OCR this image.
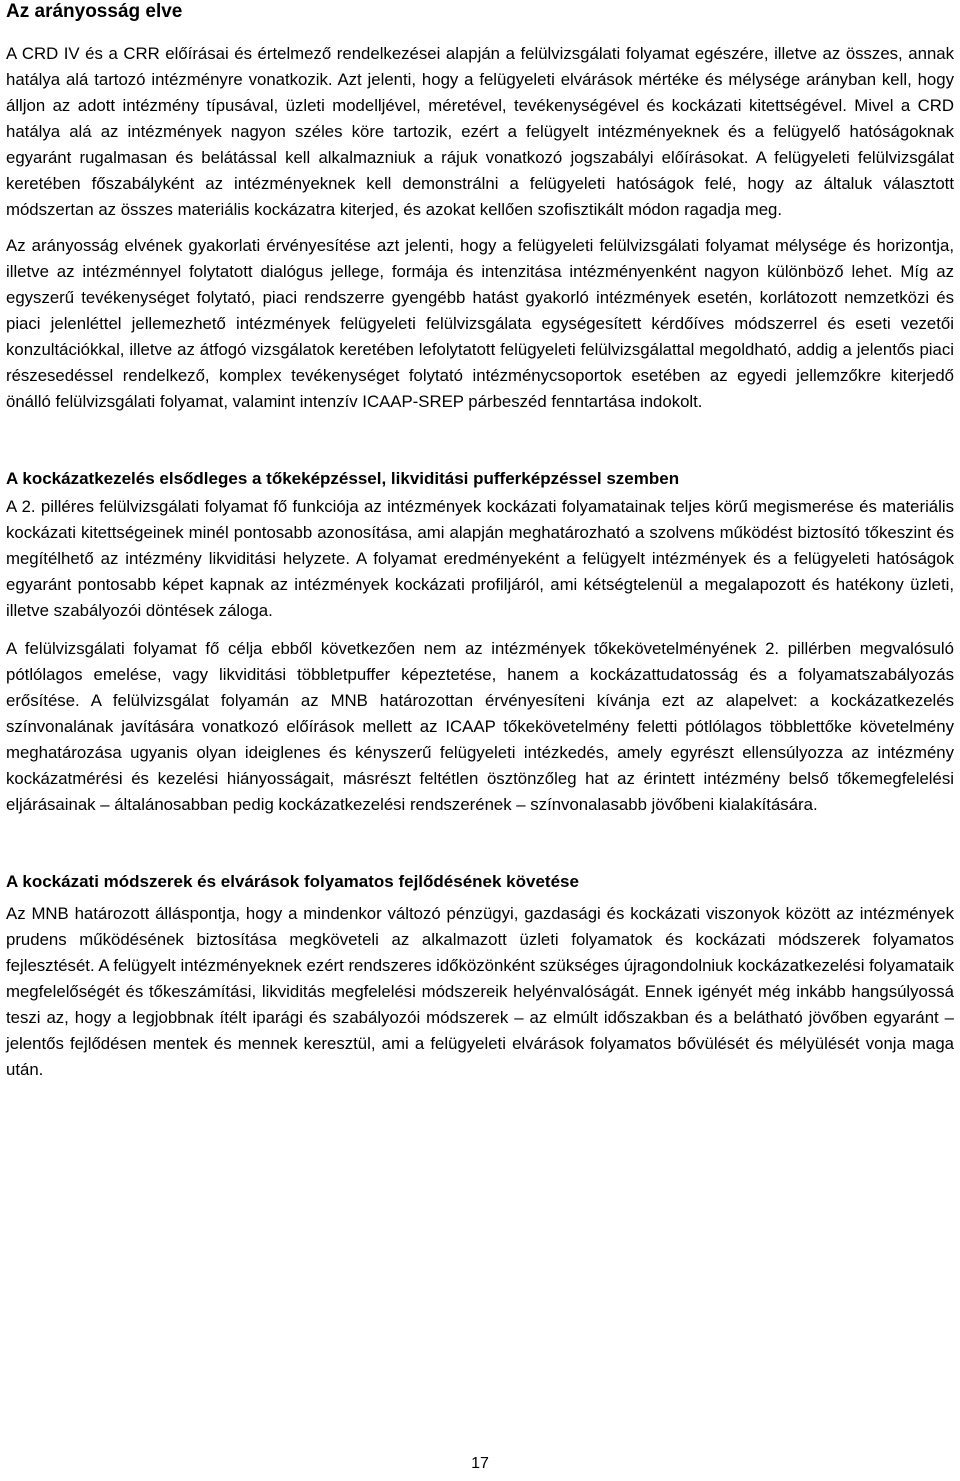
Az arányosság elve

A CRD IV és a CRR előírásai és értelmező rendelkezései alapján a felülvizsgálati folyamat egészére, illetve az összes, annak hatálya alá tartozó intézményre vonatkozik. Azt jelenti, hogy a felügyeleti elvárások mértéke és mélysége arányban kell, hogy álljon az adott intézmény típusával, üzleti modelljével, méretével, tevékenységével és kockázati kitettségével. Mivel a CRD hatálya alá az intézmények nagyon széles köre tartozik, ezért a felügyelt intézményeknek és a felügyelő hatóságoknak egyaránt rugalmasan és belátással kell alkalmazniuk a rájuk vonatkozó jogszabályi előírásokat. A felügyeleti felülvizsgálat keretében főszabályként az intézményeknek kell demonstrálni a felügyeleti hatóságok felé, hogy az általuk választott módszertan az összes materiális kockázatra kiterjed, és azokat kellően szofisztikált módon ragadja meg.

Az arányosság elvének gyakorlati érvényesítése azt jelenti, hogy a felügyeleti felülvizsgálati folyamat mélysége és horizontja, illetve az intézménnyel folytatott dialógus jellege, formája és intenzitása intézményenként nagyon különböző lehet. Míg az egyszerű tevékenységet folytató, piaci rendszerre gyengébb hatást gyakorló intézmények esetén, korlátozott nemzetközi és piaci jelenléttel jellemezhető intézmények felügyeleti felülvizsgálata egységesített kérdőíves módszerrel és eseti vezetői konzultációkkal, illetve az átfogó vizsgálatok keretében lefolytatott felügyeleti felülvizsgálattal megoldható, addig a jelentős piaci részesedéssel rendelkező, komplex tevékenységet folytató intézménycsoportok esetében az egyedi jellemzőkre kiterjedő önálló felülvizsgálati folyamat, valamint intenzív ICAAP-SREP párbeszéd fenntartása indokolt.

A kockázatkezelés elsődleges a tőkeképzéssel, likviditási pufferképzéssel szemben

A 2. pilléres felülvizsgálati folyamat fő funkciója az intézmények kockázati folyamatainak teljes körű megismerése és materiális kockázati kitettségeinek minél pontosabb azonosítása, ami alapján meghatározható a szolvens működést biztosító tőkeszint és megítélhető az intézmény likviditási helyzete. A folyamat eredményeként a felügyelt intézmények és a felügyeleti hatóságok egyaránt pontosabb képet kapnak az intézmények kockázati profiljáról, ami kétségtelenül a megalapozott és hatékony üzleti, illetve szabályozói döntések záloga.

A felülvizsgálati folyamat fő célja ebből következően nem az intézmények tőkekövetelményének 2. pillérben megvalósuló pótlólagos emelése, vagy likviditási többletpuffer képeztetése, hanem a kockázattudatosság és a folyamatszabályozás erősítése. A felülvizsgálat folyamán az MNB határozottan érvényesíteni kívánja ezt az alapelvet: a kockázatkezelés színvonalának javítására vonatkozó előírások mellett az ICAAP tőkekövetelmény feletti pótlólagos többlettőke követelmény meghatározása ugyanis olyan ideiglenes és kényszerű felügyeleti intézkedés, amely egyrészt ellensúlyozza az intézmény kockázatmérési és kezelési hiányosságait, másrészt feltétlen ösztönzőleg hat az érintett intézmény belső tőkemegfelelési eljárásainak – általánosabban pedig kockázatkezelési rendszerének – színvonalasabb jövőbeni kialakítására.

A kockázati módszerek és elvárások folyamatos fejlődésének követése

Az MNB határozott álláspontja, hogy a mindenkor változó pénzügyi, gazdasági és kockázati viszonyok között az intézmények prudens működésének biztosítása megköveteli az alkalmazott üzleti folyamatok és kockázati módszerek folyamatos fejlesztését. A felügyelt intézményeknek ezért rendszeres időközönként szükséges újragondolniuk kockázatkezelési folyamataik megfelelőségét és tőkeszámítási, likviditás megfelelési módszereik helyénvalóságát. Ennek igényét még inkább hangsúlyossá teszi az, hogy a legjobbnak ítélt iparági és szabályozói módszerek – az elmúlt időszakban és a belátható jövőben egyaránt – jelentős fejlődésen mentek és mennek keresztül, ami a felügyeleti elvárások folyamatos bővülését és mélyülését vonja maga után.

17
